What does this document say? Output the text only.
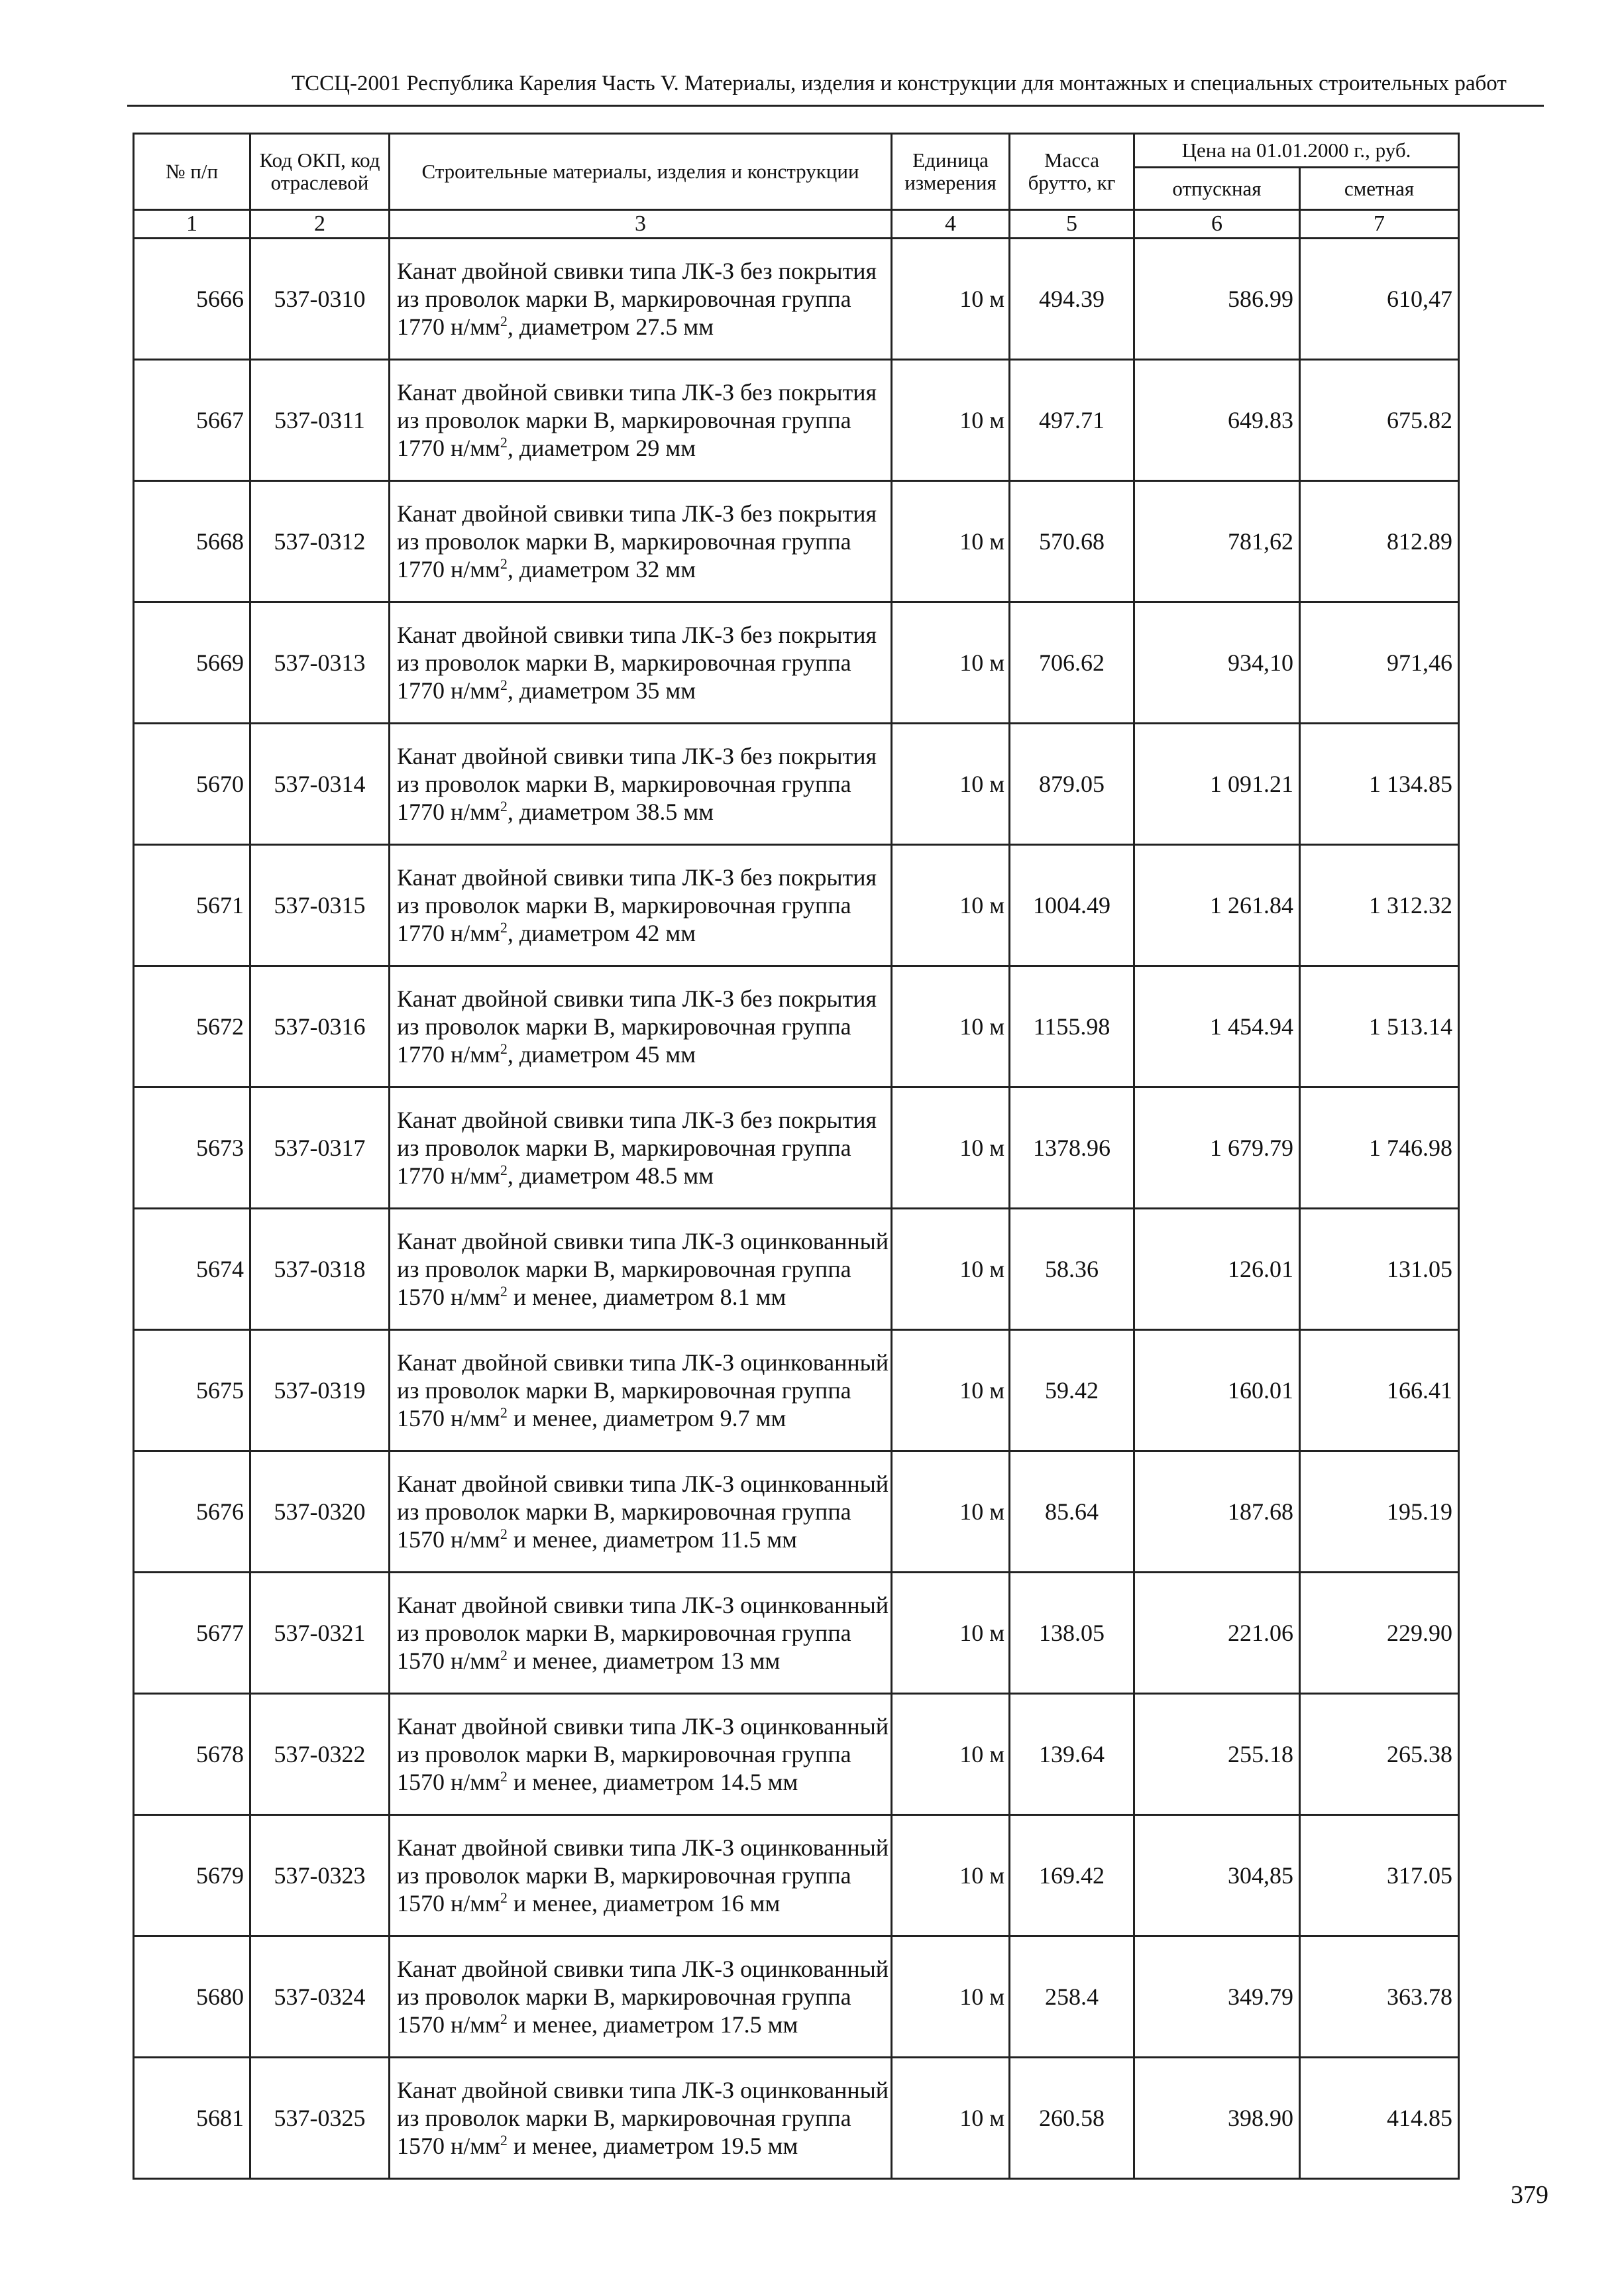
ТССЦ-2001 Республика Карелия Часть V. Материалы, изделия и конструкции для монтажных и специальных строительных работ
№ п/п	Код ОКП, код отраслевой	Строительные материалы, изделия и конструкции	Единица измерения	Масса брутто, кг	Цена на 01.01.2000 г., руб.	
					отпускная	сметная
1	2	3	4	5	6	7
5666	537-0310	Канат двойной свивки типа ЛК-З без покрытия из проволок марки В, маркировочная группа 1770 $н/мм^2$, диаметром 27.5 мм	10 м	494.39	586.99	610,47
5667	537-0311	Канат двойной свивки типа ЛК-З без покрытия из проволок марки В, маркировочная группа 1770 $н/мм^2$, диаметром 29 мм	10 м	497.71	649.83	675.82
5668	537-0312	Канат двойной свивки типа ЛК-З без покрытия из проволок марки В, маркировочная группа 1770 $н/мм^2$, диаметром 32 мм	10 м	570.68	781,62	812.89
5669	537-0313	Канат двойной свивки типа ЛК-З без покрытия из проволок марки В, маркировочная группа 1770 $н/мм^2$, диаметром 35 мм	10 м	706.62	934,10	971,46
5670	537-0314	Канат двойной свивки типа ЛК-З без покрытия из проволок марки В, маркировочная группа 1770 $н/мм^2$, диаметром 38.5 мм	10 м	879.05	1 091.21	1 134.85
5671	537-0315	Канат двойной свивки типа ЛК-З без покрытия из проволок марки В, маркировочная группа 1770 $н/мм^2$, диаметром 42 мм	10 м	1004.49	1 261.84	1 312.32
5672	537-0316	Канат двойной свивки типа ЛК-З без покрытия из проволок марки В, маркировочная группа 1770 $н/мм^2$, диаметром 45 мм	10 м	1155.98	1 454.94	1 513.14
5673	537-0317	Канат двойной свивки типа ЛК-З без покрытия из проволок марки В, маркировочная группа 1770 $н/мм^2$, диаметром 48.5 мм	10 м	1378.96	1 679.79	1 746.98
5674	537-0318	Канат двойной свивки типа ЛК-З оцинкованный из проволок марки В, маркировочная группа 1570 $н/мм^2$ и менее, диаметром 8.1 мм	10 м	58.36	126.01	131.05
5675	537-0319	Канат двойной свивки типа ЛК-З оцинкованный из проволок марки В, маркировочная группа 1570 $н/мм^2$ и менее, диаметром 9.7 мм	10 м	59.42	160.01	166.41
5676	537-0320	Канат двойной свивки типа ЛК-З оцинкованный из проволок марки В, маркировочная группа 1570 $н/мм^2$ и менее, диаметром 11.5 мм	10 м	85.64	187.68	195.19
5677	537-0321	Канат двойной свивки типа ЛК-З оцинкованный из проволок марки В, маркировочная группа 1570 $н/мм^2$ и менее, диаметром 13 мм	10 м	138.05	221.06	229.90
5678	537-0322	Канат двойной свивки типа ЛК-З оцинкованный из проволок марки В, маркировочная группа 1570 $н/мм^2$ и менее, диаметром 14.5 мм	10 м	139.64	255.18	265.38
5679	537-0323	Канат двойной свивки типа ЛК-З оцинкованный из проволок марки В, маркировочная группа 1570 $н/мм^2$ и менее, диаметром 16 мм	10 м	169.42	304,85	317.05
5680	537-0324	Канат двойной свивки типа ЛК-З оцинкованный из проволок марки В, маркировочная группа 1570 $н/мм^2$ и менее, диаметром 17.5 мм	10 м	258.4	349.79	363.78
5681	537-0325	Канат двойной свивки типа ЛК-З оцинкованный из проволок марки В, маркировочная группа 1570 $н/мм^2$ и менее, диаметром 19.5 мм	10 м	260.58	398.90	414.85
379
